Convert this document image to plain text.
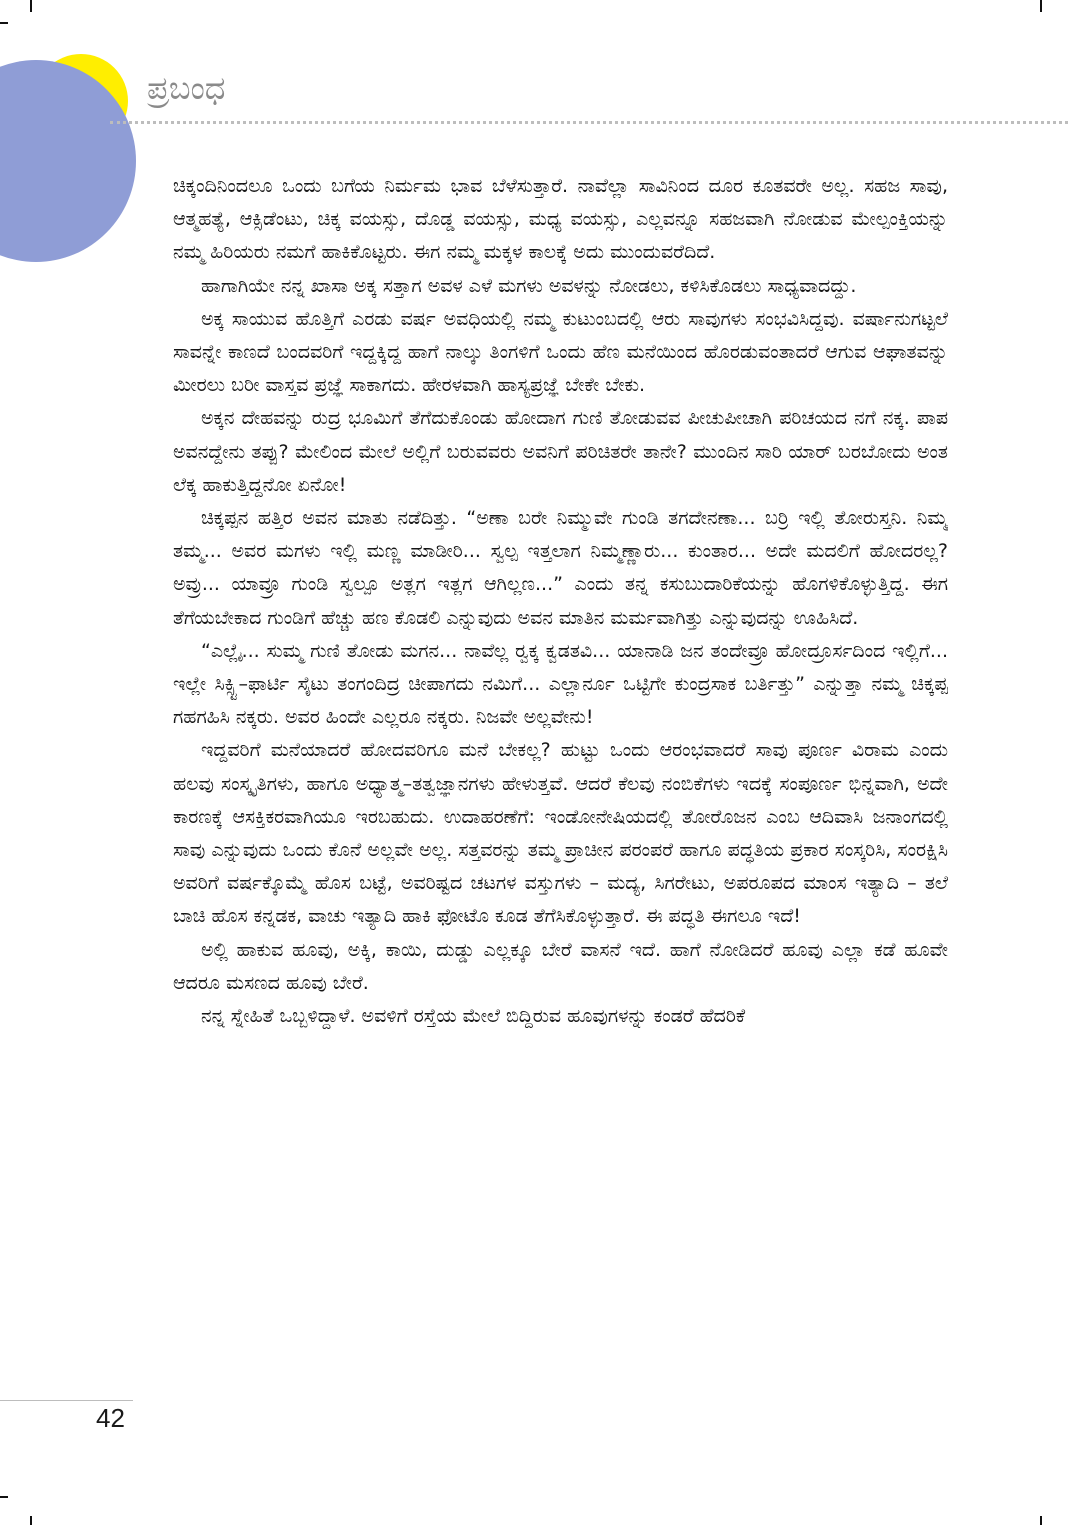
ಪ್ರಬಂಧ

ಚಿಕ್ಕಂದಿನಿಂದಲೂ ಒಂದು ಬಗೆಯ ನಿರ್ಮಮ ಭಾವ ಬೆಳೆಸುತ್ತಾರೆ. ನಾವೆಲ್ಲಾ ಸಾವಿನಿಂದ ದೂರ ಕೂತವರೇ ಅಲ್ಲ. ಸಹಜ ಸಾವು, ಆತ್ಮಹತ್ಯೆ, ಆಕ್ಸಿಡೆಂಟು, ಚಿಕ್ಕ ವಯಸ್ಸು, ದೊಡ್ಡ ವಯಸ್ಸು, ಮಧ್ಯ ವಯಸ್ಸು, ಎಲ್ಲವನ್ನೂ ಸಹಜವಾಗಿ ನೋಡುವ ಮೇಲ್ಪಂಕ್ತಿಯನ್ನು ನಮ್ಮ ಹಿರಿಯರು ನಮಗೆ ಹಾಕಿಕೊಟ್ಟರು. ಈಗ ನಮ್ಮ ಮಕ್ಕಳ ಕಾಲಕ್ಕೆ ಅದು ಮುಂದುವರೆದಿದೆ.

ಹಾಗಾಗಿಯೇ ನನ್ನ ಖಾಸಾ ಅಕ್ಕ ಸತ್ತಾಗ ಅವಳ ಎಳೆ ಮಗಳು ಅವಳನ್ನು ನೋಡಲು, ಕಳಿಸಿಕೊಡಲು ಸಾಧ್ಯವಾದದ್ದು.

ಅಕ್ಕ ಸಾಯುವ ಹೊತ್ತಿಗೆ ಎರಡು ವರ್ಷ ಅವಧಿಯಲ್ಲಿ ನಮ್ಮ ಕುಟುಂಬದಲ್ಲಿ ಆರು ಸಾವುಗಳು ಸಂಭವಿಸಿದ್ದವು. ವರ್ಷಾನುಗಟ್ಟಲೆ ಸಾವನ್ನೇ ಕಾಣದೆ ಬಂದವರಿಗೆ ಇದ್ದಕ್ಕಿದ್ದ ಹಾಗೆ ನಾಲ್ಕು ತಿಂಗಳಿಗೆ ಒಂದು ಹೆಣ ಮನೆಯಿಂದ ಹೊರಡುವಂತಾದರೆ ಆಗುವ ಆಘಾತವನ್ನು ಮೀರಲು ಬರೀ ವಾಸ್ತವ ಪ್ರಜ್ಞೆ ಸಾಕಾಗದು. ಹೇರಳವಾಗಿ ಹಾಸ್ಯಪ್ರಜ್ಞೆ ಬೇಕೇ ಬೇಕು.

ಅಕ್ಕನ ದೇಹವನ್ನು ರುದ್ರ ಭೂಮಿಗೆ ತೆಗೆದುಕೊಂಡು ಹೋದಾಗ ಗುಣಿ ತೋಡುವವ ಪೀಚುಪೀಚಾಗಿ ಪರಿಚಯದ ನಗೆ ನಕ್ಕ. ಪಾಪ ಅವನದ್ದೇನು ತಪ್ಪು? ಮೇಲಿಂದ ಮೇಲೆ ಅಲ್ಲಿಗೆ ಬರುವವರು ಅವನಿಗೆ ಪರಿಚಿತರೇ ತಾನೇ? ಮುಂದಿನ ಸಾರಿ ಯಾರ್ ಬರಬೋದು ಅಂತ ಲೆಕ್ಕ ಹಾಕುತ್ತಿದ್ದನೋ ಏನೋ!

ಚಿಕ್ಕಪ್ಪನ ಹತ್ತಿರ ಅವನ ಮಾತು ನಡೆದಿತ್ತು. “ಅಣಾ ಬರೇ ನಿಮ್ಮುವೇ ಗುಂಡಿ ತಗದೇನಣಾ... ಬರ್‍ರಿ ಇಲ್ಲಿ ತೋರುಸ್ತನಿ. ನಿಮ್ಮ ತಮ್ಮ... ಅವರ ಮಗಳು ಇಲ್ಲಿ ಮಣ್ಣ ಮಾಡೀರಿ... ಸ್ವಲ್ಪ ಇತ್ತಲಾಗ ನಿಮ್ಮಣ್ಣಾರು... ಕುಂತಾರ... ಅದೇ ಮದಲಿಗೆ ಹೋದರಲ್ಲ? ಅವ್ರು... ಯಾವ್ರೂ ಗುಂಡಿ ಸ್ವಲ್ಪೂ ಅತ್ಲಗ ಇತ್ಲಗ ಆಗಿಲ್ಲಣ...” ಎಂದು ತನ್ನ ಕಸುಬುದಾರಿಕೆಯನ್ನು ಹೊಗಳಿಕೊಳ್ಳುತ್ತಿದ್ದ. ಈಗ ತೆಗೆಯಬೇಕಾದ ಗುಂಡಿಗೆ ಹೆಚ್ಚು ಹಣ ಕೊಡಲಿ ಎನ್ನುವುದು ಅವನ ಮಾತಿನ ಮರ್ಮವಾಗಿತ್ತು ಎನ್ನುವುದನ್ನು ಊಹಿಸಿದೆ.

“ಎಲ್ಲೈ... ಸುಮ್ಮ ಗುಣಿ ತೋಡು ಮಗನ... ನಾವೆಲ್ಲ ರ್‍ವಕ್ಕ ಕ್ವಡತವಿ... ಯಾನಾಡಿ ಜನ ತಂದೇವ್ರೂ ಹೋದ್ರೂರ್ಸದಿಂದ ಇಲ್ಲಿಗೆ... ಇಲ್ಲೇ ಸಿಕ್ಸ್ಟಿ–ಫಾರ್ಟಿ ಸೈಟು ತಂಗಂದಿದ್ರ ಚೀಪಾಗದು ನಮಿಗೆ... ಎಲ್ಲಾರ್ನೂ ಒಟ್ಟಿಗೇ ಕುಂದ್ರಸಾಕ ಬರ್ತಿತ್ತು” ಎನ್ನುತ್ತಾ ನಮ್ಮ ಚಿಕ್ಕಪ್ಪ ಗಹಗಹಿಸಿ ನಕ್ಕರು. ಅವರ ಹಿಂದೇ ಎಲ್ಲರೂ ನಕ್ಕರು. ನಿಜವೇ ಅಲ್ಲವೇನು!

ಇದ್ದವರಿಗೆ ಮನೆಯಾದರೆ ಹೋದವರಿಗೂ ಮನೆ ಬೇಕಲ್ಲ? ಹುಟ್ಟು ಒಂದು ಆರಂಭವಾದರೆ ಸಾವು ಪೂರ್ಣ ವಿರಾಮ ಎಂದು ಹಲವು ಸಂಸ್ಕೃತಿಗಳು, ಹಾಗೂ ಅಧ್ಯಾತ್ಮ–ತತ್ವಜ್ಞಾನಗಳು ಹೇಳುತ್ತವೆ. ಆದರೆ ಕೆಲವು ನಂಬಿಕೆಗಳು ಇದಕ್ಕೆ ಸಂಪೂರ್ಣ ಭಿನ್ನವಾಗಿ, ಅದೇ ಕಾರಣಕ್ಕೆ ಆಸಕ್ತಿಕರವಾಗಿಯೂ ಇರಬಹುದು. ಉದಾಹರಣೆಗೆ: ಇಂಡೋನೇಷಿಯದಲ್ಲಿ ತೋರೊಜನ ಎಂಬ ಆದಿವಾಸಿ ಜನಾಂಗದಲ್ಲಿ ಸಾವು ಎನ್ನುವುದು ಒಂದು ಕೊನೆ ಅಲ್ಲವೇ ಅಲ್ಲ. ಸತ್ತವರನ್ನು ತಮ್ಮ ಪ್ರಾಚೀನ ಪರಂಪರೆ ಹಾಗೂ ಪದ್ಧತಿಯ ಪ್ರಕಾರ ಸಂಸ್ಕರಿಸಿ, ಸಂರಕ್ಷಿಸಿ ಅವರಿಗೆ ವರ್ಷಕ್ಕೊಮ್ಮೆ ಹೊಸ ಬಟ್ಟೆ, ಅವರಿಷ್ಟದ ಚಟಗಳ ವಸ್ತುಗಳು – ಮದ್ಯ, ಸಿಗರೇಟು, ಅಪರೂಪದ ಮಾಂಸ ಇತ್ಯಾದಿ – ತಲೆ ಬಾಚಿ ಹೊಸ ಕನ್ನಡಕ, ವಾಚು ಇತ್ಯಾದಿ ಹಾಕಿ ಫೋಟೊ ಕೂಡ ತೆಗೆಸಿಕೊಳ್ಳುತ್ತಾರೆ. ಈ ಪದ್ಧತಿ ಈಗಲೂ ಇದೆ!

ಅಲ್ಲಿ ಹಾಕುವ ಹೂವು, ಅಕ್ಕಿ, ಕಾಯಿ, ದುಡ್ಡು ಎಲ್ಲಕ್ಕೂ ಬೇರೆ ವಾಸನೆ ಇದೆ. ಹಾಗೆ ನೋಡಿದರೆ ಹೂವು ಎಲ್ಲಾ ಕಡೆ ಹೂವೇ ಆದರೂ ಮಸಣದ ಹೂವು ಬೇರೆ.

ನನ್ನ ಸ್ನೇಹಿತೆ ಒಬ್ಬಳಿದ್ದಾಳೆ. ಅವಳಿಗೆ ರಸ್ತೆಯ ಮೇಲೆ ಬಿದ್ದಿರುವ ಹೂವುಗಳನ್ನು ಕಂಡರೆ ಹೆದರಿಕೆ

42
